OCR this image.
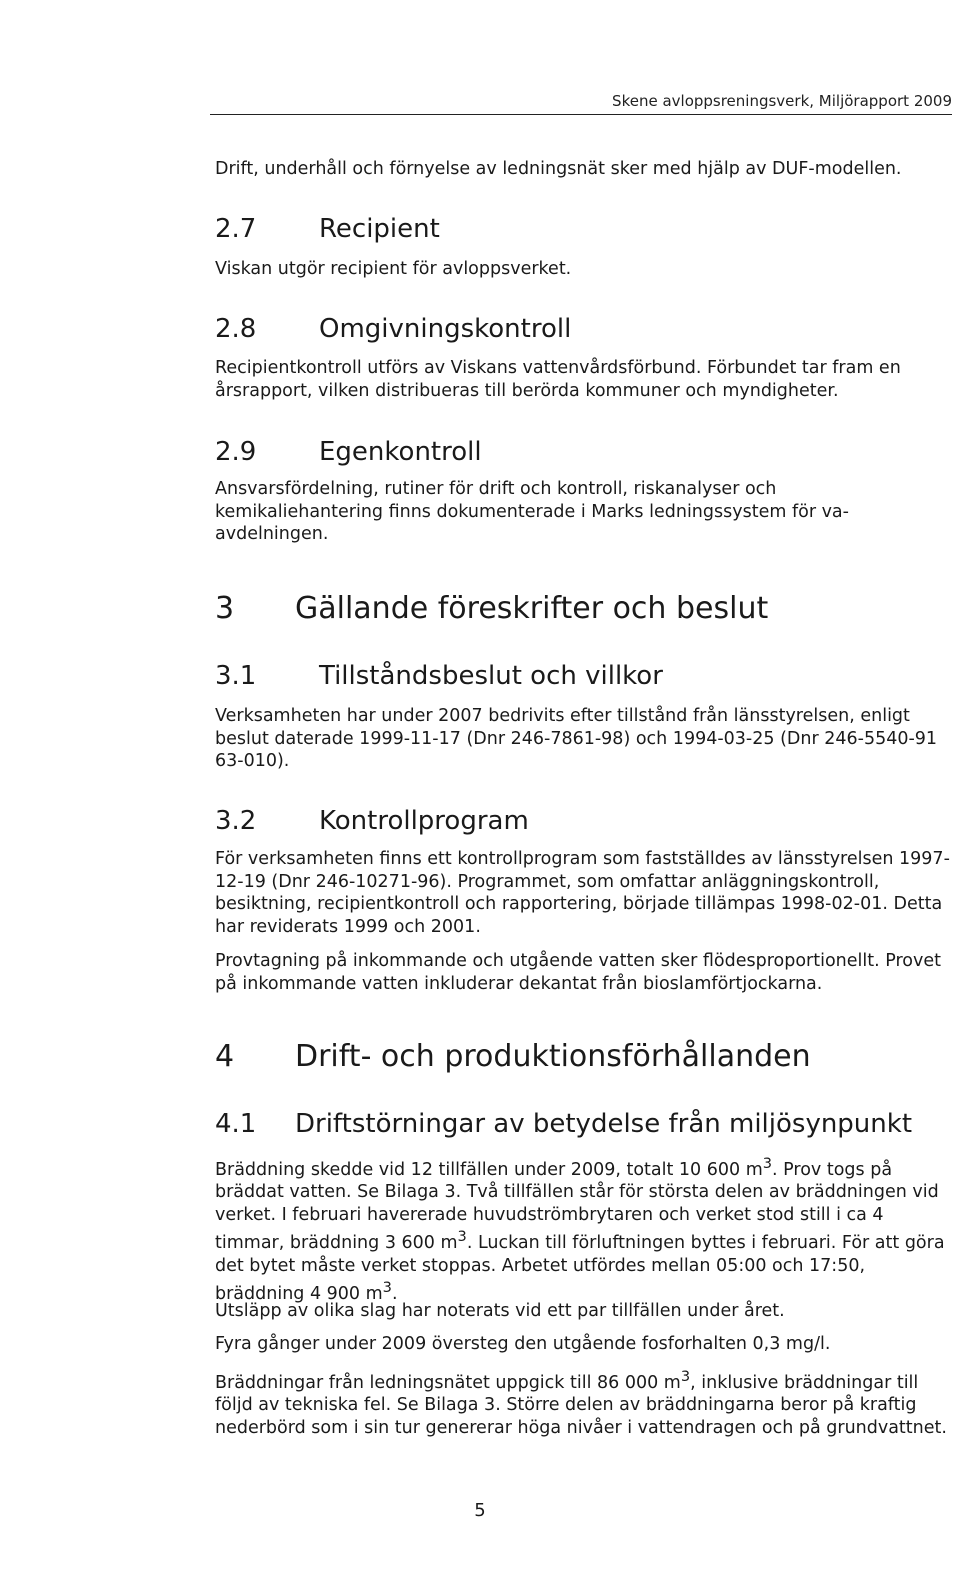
Skene avloppsreningsverk, Miljörapport 2009

Drift, underhåll och förnyelse av ledningsnät sker med hjälp av DUF-modellen.

2.7 Recipient

Viskan utgör recipient för avloppsverket.

2.8 Omgivningskontroll

Recipientkontroll utförs av Viskans vattenvårdsförbund. Förbundet tar fram en årsrapport, vilken distribueras till berörda kommuner och myndigheter.

2.9 Egenkontroll

Ansvarsfördelning, rutiner för drift och kontroll, riskanalyser och kemikaliehantering finns dokumenterade i Marks ledningssystem för va-avdelningen.

3 Gällande föreskrifter och beslut
3.1 Tillståndsbeslut och villkor

Verksamheten har under 2007 bedrivits efter tillstånd från länsstyrelsen, enligt beslut daterade 1999-11-17 (Dnr 246-7861-98) och 1994-03-25 (Dnr 246-5540-91 63-010).

3.2 Kontrollprogram

För verksamheten finns ett kontrollprogram som fastställdes av länsstyrelsen 1997-12-19 (Dnr 246-10271-96). Programmet, som omfattar anläggningskontroll, besiktning, recipientkontroll och rapportering, började tillämpas 1998-02-01. Detta har reviderats 1999 och 2001.

Provtagning på inkommande och utgående vatten sker flödesproportionellt. Provet på inkommande vatten inkluderar dekantat från bioslamförtjockarna.

4 Drift- och produktionsförhållanden
4.1 Driftstörningar av betydelse från miljösynpunkt

Bräddning skedde vid 12 tillfällen under 2009, totalt 10 600 $m^3$. Prov togs på bräddat vatten. Se Bilaga 3. Två tillfällen står för största delen av bräddningen vid verket. I februari havererade huvudströmbrytaren och verket stod still i ca 4 timmar, bräddning 3 600 $m^3$. Luckan till förluftningen byttes i februari. För att göra det bytet måste verket stoppas. Arbetet utfördes mellan 05:00 och 17:50, bräddning 4 900 $m^3$.

Utsläpp av olika slag har noterats vid ett par tillfällen under året.

Fyra gånger under 2009 översteg den utgående fosforhalten 0,3 mg/l.

Bräddningar från ledningsnätet uppgick till 86 000 $m^3$, inklusive bräddningar till följd av tekniska fel. Se Bilaga 3. Större delen av bräddningarna beror på kraftig nederbörd som i sin tur genererar höga nivåer i vattendragen och på grundvattnet.

5
